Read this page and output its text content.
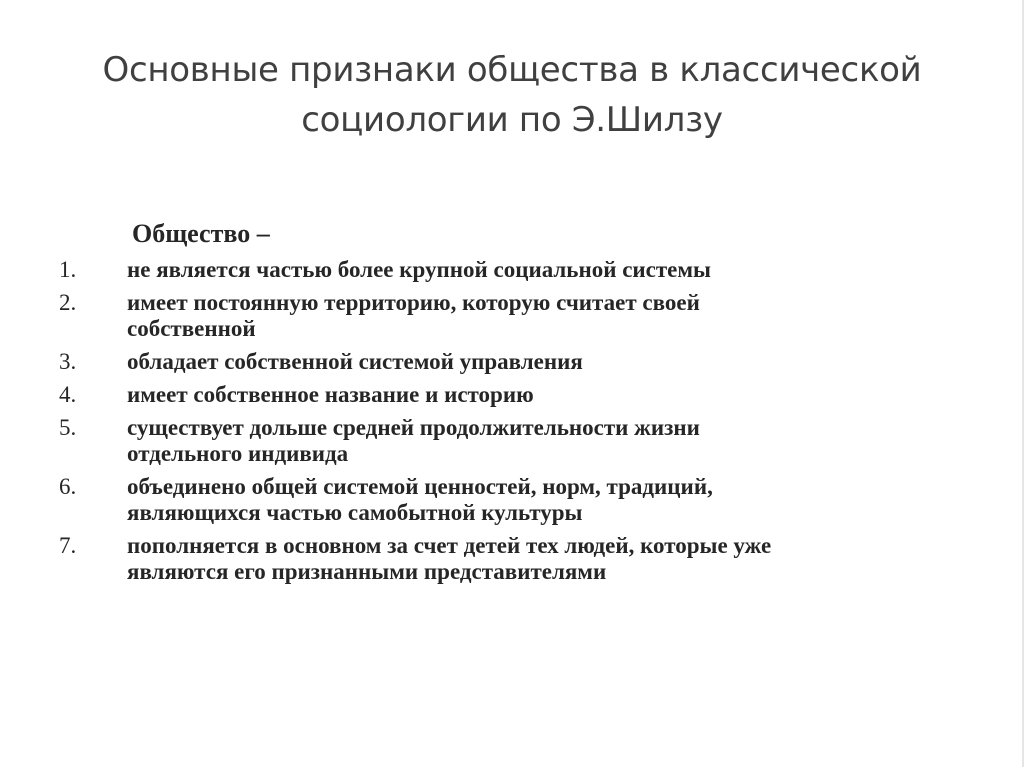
Основные признаки общества в классической
социологии по Э.Шилзу
Общество –
1. не является частью более крупной социальной системы
2. имеет постоянную территорию, которую считает своей
собственной
3. обладает собственной системой управления
4. имеет собственное название и историю
5. существует дольше средней продолжительности жизни
отдельного индивида
6. объединено общей системой ценностей, норм, традиций,
являющихся частью самобытной культуры
7. пополняется в основном за счет детей тех людей, которые уже
являются его признанными представителями
